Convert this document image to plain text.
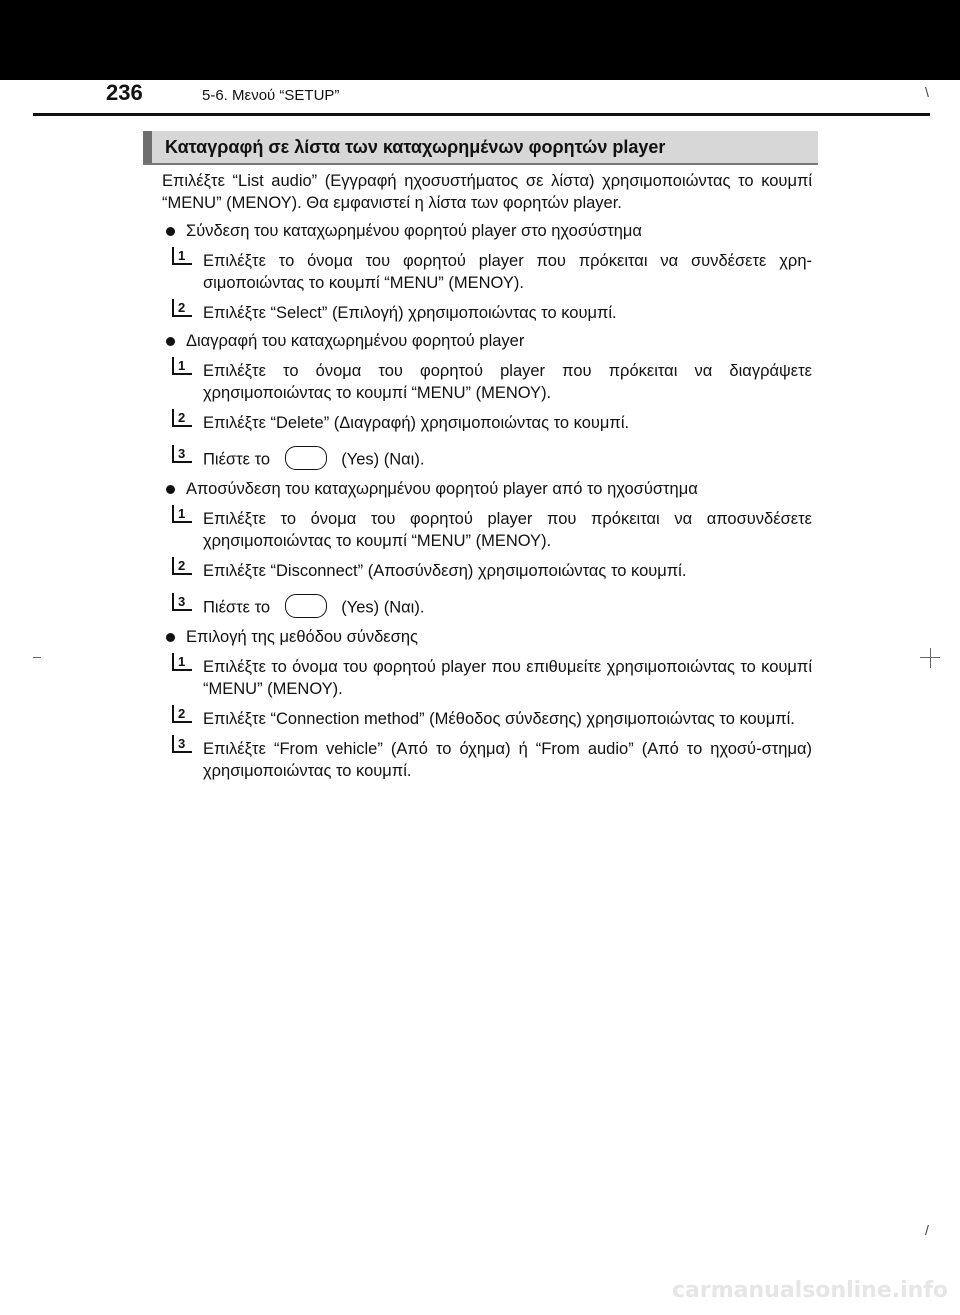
236	5-6. Μενού “SETUP”	\
/
Καταγραφή σε λίστα των καταχωρημένων φορητών player

Επιλέξτε “List audio” (Εγγραφή ηχοσυστήματος σε λίστα) χρησιμοποιώντας το κουμπί “MENU” (ΜΕΝΟΥ). Θα εμφανιστεί η λίστα των φορητών player.

Σύνδεση του καταχωρημένου φορητού player στο ηχοσύστημα
1	Επιλέξτε το όνομα του φορητού player που πρόκειται να συνδέσετε χρη-σιμοποιώντας το κουμπί “MENU” (ΜΕΝΟΥ).
2	Επιλέξτε “Select” (Επιλογή) χρησιμοποιώντας το κουμπί.
Διαγραφή του καταχωρημένου φορητού player
1	Επιλέξτε το όνομα του φορητού player που πρόκειται να διαγράψετε χρησιμοποιώντας το κουμπί “MENU” (ΜΕΝΟΥ).
2	Επιλέξτε “Delete” (Διαγραφή) χρησιμοποιώντας το κουμπί.
3	Πιέστε το	(Yes) (Ναι).
Αποσύνδεση του καταχωρημένου φορητού player από το ηχοσύστημα
1	Επιλέξτε το όνομα του φορητού player που πρόκειται να αποσυνδέσετε χρησιμοποιώντας το κουμπί “MENU” (ΜΕΝΟΥ).
2	Επιλέξτε “Disconnect” (Αποσύνδεση) χρησιμοποιώντας το κουμπί.
3	Πιέστε το	(Yes) (Ναι).
Επιλογή της μεθόδου σύνδεσης
1	Επιλέξτε το όνομα του φορητού player που επιθυμείτε χρησιμοποιώντας το κουμπί “MENU” (ΜΕΝΟΥ).
2	Επιλέξτε “Connection method” (Μέθοδος σύνδεσης) χρησιμοποιώντας το κουμπί.
3	Επιλέξτε “From vehicle” (Από το όχημα) ή “From audio” (Από το ηχοσύ-στημα) χρησιμοποιώντας το κουμπί.
carmanualsonline.info
